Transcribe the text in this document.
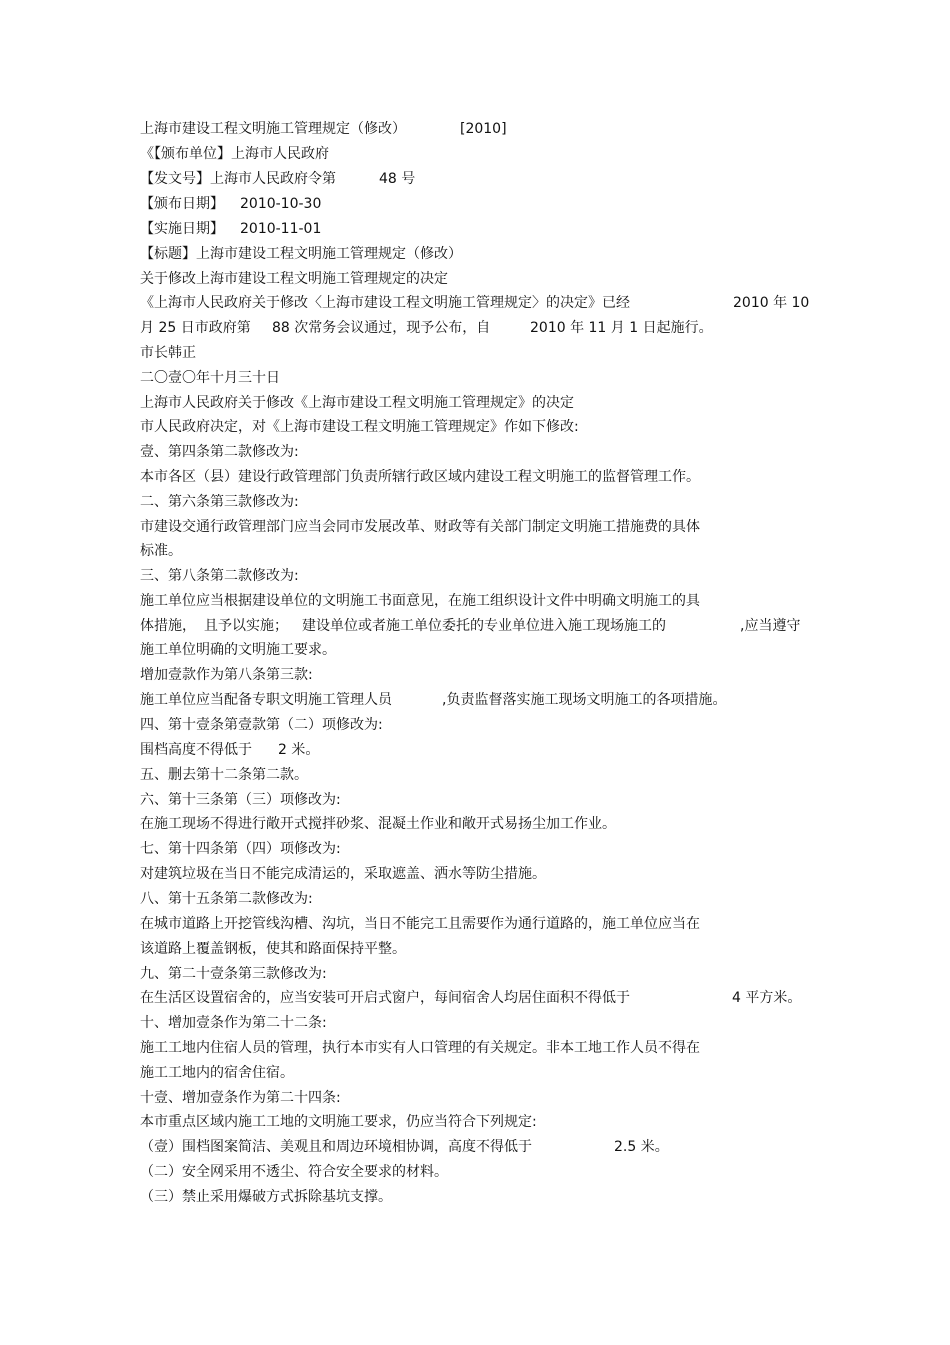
上海市建设工程文明施工管理规定（修改）	[2010]
《【颁布单位】上海市人民政府
【发文号】上海市人民政府令第	48 号
【颁布日期】 2010-10-30
【实施日期】 2010-11-01
【标题】上海市建设工程文明施工管理规定（修改）
关于修改上海市建设工程文明施工管理规定的决定
《上海市人民政府关于修改〈上海市建设工程文明施工管理规定〉的决定》已经	2010 年 10
月 25 日市政府第 88 次常务会议通过，现予公布，自	2010 年 11 月 1 日起施行。
市长韩正
二〇壹〇年十月三十日
上海市人民政府关于修改《上海市建设工程文明施工管理规定》的决定
市人民政府决定，对《上海市建设工程文明施工管理规定》作如下修改:
壹、第四条第二款修改为:
本市各区（县）建设行政管理部门负责所辖行政区域内建设工程文明施工的监督管理工作。
二、第六条第三款修改为:
市建设交通行政管理部门应当会同市发展改革、财政等有关部门制定文明施工措施费的具体
标准。
三、第八条第二款修改为:
施工单位应当根据建设单位的文明施工书面意见，在施工组织设计文件中明确文明施工的具
体措施， 且予以实施； 建设单位或者施工单位委托的专业单位进入施工现场施工的	,应当遵守
施工单位明确的文明施工要求。
增加壹款作为第八条第三款:
施工单位应当配备专职文明施工管理人员	,负责监督落实施工现场文明施工的各项措施。
四、第十壹条第壹款第（二）项修改为:
围档高度不得低于 2 米。
五、删去第十二条第二款。
六、第十三条第（三）项修改为:
在施工现场不得进行敞开式搅拌砂浆、混凝土作业和敞开式易扬尘加工作业。
七、第十四条第（四）项修改为:
对建筑垃圾在当日不能完成清运的，采取遮盖、洒水等防尘措施。
八、第十五条第二款修改为:
在城市道路上开挖管线沟槽、沟坑，当日不能完工且需要作为通行道路的，施工单位应当在
该道路上覆盖钢板，使其和路面保持平整。
九、第二十壹条第三款修改为:
在生活区设置宿舍的，应当安装可开启式窗户，每间宿舍人均居住面积不得低于	4 平方米。
十、增加壹条作为第二十二条:
施工工地内住宿人员的管理，执行本市实有人口管理的有关规定。非本工地工作人员不得在
施工工地内的宿舍住宿。
十壹、增加壹条作为第二十四条:
本市重点区域内施工工地的文明施工要求，仍应当符合下列规定:
（壹）围档图案简洁、美观且和周边环境相协调，高度不得低于	2.5 米。
（二）安全网采用不透尘、符合安全要求的材料。
（三）禁止采用爆破方式拆除基坑支撑。
